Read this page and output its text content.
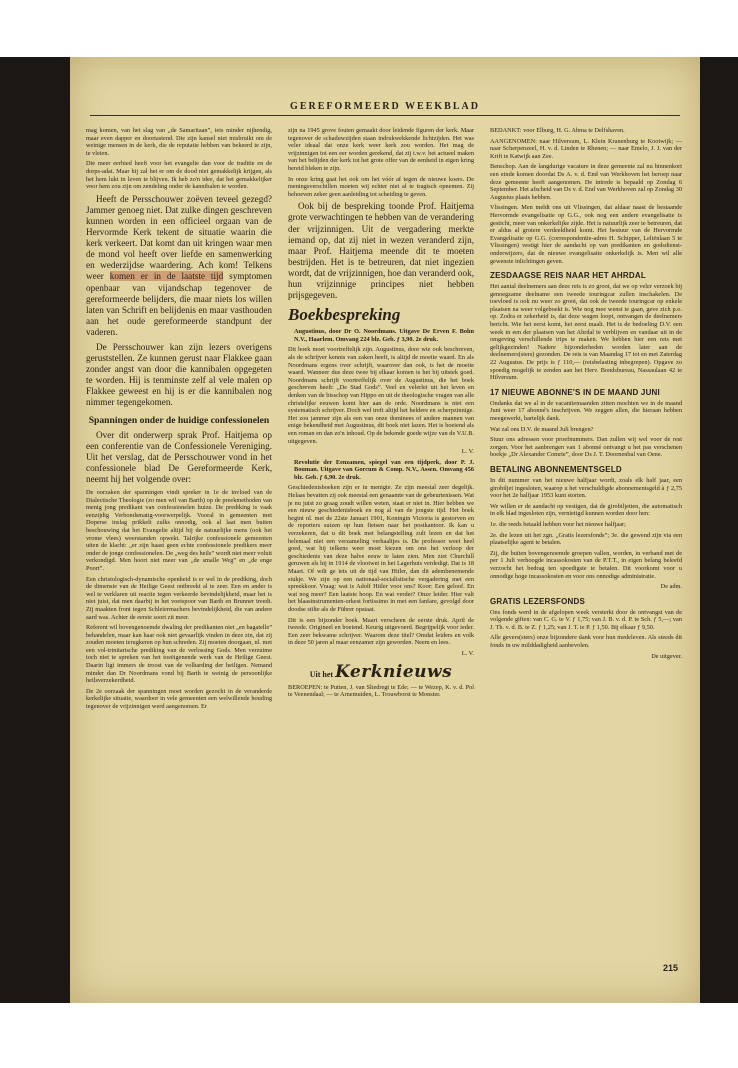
GEREFORMEERD WEEKBLAD

mag komen, van het slag van „de Samaritaan”, iets minder nijhendig, maar even dapper en doortastend. Die zijn kansel niet misbruikt om de weinige mensen in de kerk, die de reputatie hebben van bekeerd te zijn, te vleien.

Die meer eerbied heeft voor het evangelie dan voor de traditie en de dorps-adat. Maar hij zal het er om de dood niet gemakkelijk krijgen, als het hem lukt in leven te blijven. Ik heb zo'n idee, dat het gemakkelijker voor hem zou zijn om zendeling onder de kannibalen te worden.

Heeft de Persschouwer zoëven teveel gezegd? Jammer genoeg niet. Dat zulke dingen geschreven kunnen worden in een officieel orgaan van de Hervormde Kerk tekent de situatie waarin die kerk verkeert. Dat komt dan uit kringen waar men de mond vol heeft over liefde en samenwerking en wederzijdse waardering. Ach kom! Telkens weer komen er in de laatste tijd symptomen openbaar van vijandschap tegenover de gereformeerde belijders, die maar niets los willen laten van Schrift en belijdenis en maar vasthouden aan het oude gereformeerde standpunt der vaderen.

De Persschouwer kan zijn lezers overigens geruststellen. Ze kunnen gerust naar Flakkee gaan zonder angst van door die kannibalen opgegeten te worden. Hij is tenminste zelf al vele malen op Flakkee geweest en hij is er die kannibalen nog nimmer tegengekomen.

Spanningen onder de huidige confessionelen

Over dit onderwerp sprak Prof. Haitjema op een conferentie van de Confessionele Vereniging. Uit het verslag, dat de Persschouwer vond in het confessionele blad De Gereformeerde Kerk, neemt hij het volgende over:

De oorzaken der spanningen vindt spreker in 1e de invloed van de Dialectische Theologie (zo men wil van Barth) op de preekmethoden van menig jong predikant van confessionelen huize. De prediking is vaak eenzijdig Verbondsmatig-voorwerpelijk. Vooral in gemeenten met Doperse inslag prikkelt zulks onnodig, ook al laat men buiten beschouwing dat het Evangelie altijd bij de natuurlijke mens (ook het vrome vlees) weerstanden opwekt. Talrijke confessionele gemeenten uiten de klacht: „er zijn haast geen echte confessionele predikers meer onder de jonge confessionelen. De „weg des heils” wordt niet meer voluit verkondigd. Men hoort niet meer van „de smalle Weg” en „de enge Poort”.

Een christologisch-dynamische openheid is er wel in de prediking, doch de dimensie van de Heilige Geest ontbreekt al te zeer. Een en ander is wel te verklaren uit reactie tegen verkeerde bevindelijkheid, maar het is niet juist, dat men daarbij in het voetspoor van Barth en Brunner treedt. Zij maakten front tegen Schleiermachers bevindelijkheid, die van andere aard was. Achter de eerste soort zit meer.

Referent wil bovengenoemde dwaling der predikanten niet „en bagatelle” behandelen, maar kan haar ook niet gevaarlijk vinden in deze zin, dat zij zouden moeten terugkeren op hun schreden. Zij moeten doorgaan, nl. met een vol-trinitarische prediking van de verlossing Gods. Men verzuime toch niet te spreken van het toeëigenende werk van de Heilige Geest. Daarin ligt immers de troost van de volharding der heiligen. Nemand minder dan Dr Noordmans vond bij Barth te weinig de persoonlijke heilsverzekerdheid.

De 2e oorzaak der spanningen moet worden gezocht in de veranderde kerkelijke situatie, waardoor in vele gemeenten een welwillende houding tegenover de vrijzinnigen werd aangenomen. Er

zijn na 1945 grove fouten gemaakt door leidende figuren der kerk. Maar tegenover de schaduwzijden staan indrukwekkende lichtzijden. Het was veler ideaal dat onze kerk weer kerk zou worden. Het mag de vrijzinnigen tot een eer worden gerekend, dat zij t.w.v. het actueel maken van het belijden der kerk tot het grote offer van de eenheid in eigen kring bereid bleken te zijn.

In onze kring gaat het ook om het vóór af tegen de nieuwe koers. De meningsverschillen moeten wij echter niet al te tragisch opnemen. Zij behoeven zeker geen aanleiding tot scheiding te geven.

Ook bij de bespreking toonde Prof. Haitjema grote verwachtingen te hebben van de verandering der vrijzinnigen. Uit de vergadering merkte iemand op, dat zij niet in wezen veranderd zijn, maar Prof. Haitjema meende dit te moeten bestrijden. Het is te betreuren, dat niet ingezien wordt, dat de vrijzinnigen, hoe dan veranderd ook, hun vrijzinnige principes niet hebben prijsgegeven.

Boekbespreking

Augustinus, door Dr O. Noordmans. Uitgave De Erven F. Bohn N.V., Haarlem. Omvang 224 blz. Geb. ƒ 3,90. 2e druk.

Dit boek moet voortreffelijk zijn. Augustinus, door wie ook beschreven, als de schrijver kennis van zaken heeft, is altijd de moeite waard. En als Noordmans ergens over schrijft, waarover dan ook, is het de moeite waard. Wanneer dus deze twee bij elkaar komen is het bij uitstek goed. Noordmans schrijft voortreffelijk over de Augustinus, die het boek geschreven heeft: „De Stad Gods”. Veel en velerlei uit het leven en denken van de bisschop van Hippo en uit de theologische vragen van alle christelijke eeuwen komt hier aan de orde. Noordmans is niet een systematisch schrijver. Doch wel treft altijd het heldere en scherpzinnige. Het zou jammer zijn als een van onze dominees of andere mannen van enige bekendheid met Augustinus, dit boek niet lazen. Het is boeiend als een roman en dan zo'n inhoud. Op de bekende goede wijze van de V.U.B. uitgegeven.

L. V.

Revolutie der Eenzamen, spiegel van een tijdperk, door P. J. Bouman. Uitgave van Gorcum & Comp. N.V., Assen. Omvang 456 blz. Geb. ƒ 6,90. 2e druk.

Geschiedenisboeken zijn er in menigte. Ze zijn meestal zeer degelijk. Helaas bevatten zij ook meestal een genaamte van de gebeurtenissen. Wat je nu juist zo graag zoudt willen weten, staat er niet in. Hier hebben we een nieuw geschiedenisboek en nog al van de jongste tijd. Het boek begint nl. met de 22ste Januari 1901, Koningin Victoria is gestorven en de reporters suizen op hun fietsen naar het postkantoor. Ik kan u verzekeren, dat u dit boek met belangstelling zult lezen en dat het helemaal niet een verzameling verhaaltjes is. De professor weet heel goed, wat hij telkens weer moet kiezen om ons het verloop der geschiedenis van deze halve eeuw te laten zien. Men ziet Churchill geruwen als hij in 1914 de vlootwet in het Lagerhuis verdedigt. Dat is 18 Maart. Of wilt ge iets uit de tijd van Hitler, dan dit adembenemende stukje. We zijn op een nationaal-socialistische vergadering met een spreekkoor. Vraag: wat is Adolf Hitler voor ons? Koor: Een geloof. En wat nog meer? Een laatste hoop. En wat verder? Onze leider. Hier valt het blaasinstrumenten-orkest fortissimo in met een fanfare, gevolgd door doodse stilte als de Führer opstaat.

Dit is een bijzonder boek. Maart verscheen de eerste druk. April de tweede. Origineel en boeiend. Keurig uitgevoerd. Begrijpelijk voor ieder. Een zeer bekwame schrijver. Waarom deze titel? Omdat leiders en volk in deze 50 jaren al maar eenzamer zijn geworden. Neem en lees.

L. V.
Uit het Kerknieuws

BEROEPEN: te Putten, J. van Sliedregt te Ede; — te Wezep, K. v. d. Pol te Veenendaal; — te Arnemuiden, L. Trouwborst te Monster.

BEDANKT: voor Elburg, H. G. Abma te Delfshaven.

AANGENOMEN: naar Hilversum, L. Klein Kranenburg te Kootwijk; — naar Scherpenzeel, H. v. d. Linden te Rhenen; — naar Emelo, J. J. van der Krift te Katwijk aan Zee.

Benschop. Aan de langdurige vacature in deze gemeente zal nu binnenkort een einde komen doordat Ds A. v. d. End van Werkhoven het beroep naar deze gemeente heeft aangenomen. De intrede is bepaald op Zondag 6 September. Het afscheid van Ds v. d. End van Werkhoven zal op Zondag 30 Augustus plaats hebben.

Vlissingen. Men meldt ons uit Vlissingen, dat aldaar naast de bestaande Hervormde evangelisatie op G.G., ook nog een andere evangelisatie is gesticht, meer van onkerkelijke zijde. Het is natuurlijk zeer te betreuren, dat er aldus al grotere verdeeldheid komt. Het bestuur van de Hervormde Evangelisatie op G.G. (correspondentie-adres H. Schipper, Leliënlaan 5 te Vlissingen) vestigt hier de aandacht op van predikanten en godsdienst-onderwijzers, dat de nieuwe evangelisatie onkerkelijk is. Men wil alle gewenste inlichtingen geven.

ZESDAAGSE REIS NAAR HET AHRDAL

Het aantal deelnemers aan deze reis is zo groot, dat we op veler verzoek bij genoegzame deelname een tweede touringcar zullen inschakelen. De toevloed is ook nu weer zo groot, dat ook de tweede touringcar op enkele plaatsen na weer volgeboekt is. Wie nog mee wenst te gaan, geve zich p.o. op. Zodra er zekerheid is, dat deze wagen loopt, ontvangen de deelnemers bericht. Wie het eerst komt, het eerst maalt. Het is de bedoeling D.V. een week in een der plaatsen van het Ahrdal te verblijven en vandaar uit in de omgeving verschillende trips te maken. We hebben hier een reis met gelijkgezinden! Nadere bijzonderheden worden later aan de deelnemers(sters) gezonden. De reis is van Maandag 17 tot en met Zaterdag 22 Augustus. De prijs is ƒ 110,— (reisbelasting inbegrepen). Opgave zo spoedig mogelijk te zenden aan het Herv. Bondsbureau, Nassaulaan 42 te Hilversum.

17 NIEUWE ABONNE'S IN DE MAAND JUNI

Ondanks dat we al in de vacantiemaanden zitten mochten we in de maand Juni weer 17 abonné's inschrijven. We zeggen allen, die hieraan hebben meegewerkt, hartelijk dank.

Wat zal ons D.V. de maand Juli brengen?

Stuur ons adressen voor proefnummers. Dan zullen wij wel voor de rest zorgen. Voor het aanbrengen van 1 abonné ontvangt u het pas verschenen boekje „Dr Alexander Comrie”, door Ds J. T. Doornenbal van Oene.

BETALING ABONNEMENTSGELD

In dit nummer van het nieuwe halfjaar wordt, zoals elk half jaar, een girobiljet ingesloten, waarop u het verschuldigde abonnementsgeld à ƒ 2,75 voor het 2e halfjaar 1953 kunt storten.

We willen er de aandacht op vestigen, dat de girobiljetten, die automatisch in elk blad ingesloten zijn, vernietigd kunnen worden door hen:

1e. die reeds betaald hebben voor het nieuwe halfjaar;

2e. die lezen uit het zgn. „Gratis lezersfonds”; 3e. die gewend zijn via een plaatselijke agent te betalen.

Zij, die buiten bovengenoemde groepen vallen, worden, in verband met de per 1 Juli verhoogde incassokosten van de P.T.T., in eigen belang beleefd verzocht het bedrag ten spoedigste te betalen. Dit voorkomt voor u onnodige hoge incassokosten en voor ons onnodige administratie.

De adm.
GRATIS LEZERSFONDS

Ons fonds werd in de afgelopen week versterkt door de ontvangst van de volgende giften: van C. G. te V. ƒ 1,75; van J. B. v. d. P. te Sch. ƒ 5,—; van J. Th. v. d. B. te Z. ƒ 1,25; van J. T. te P. ƒ 1,50. Bij elkaar ƒ 9,50.

Alle gevers(sters) onze bijzondere dank voor hun medeleven. Als steeds dit fonds in uw milddadigheid aanbevolen.

De uitgever.
215
